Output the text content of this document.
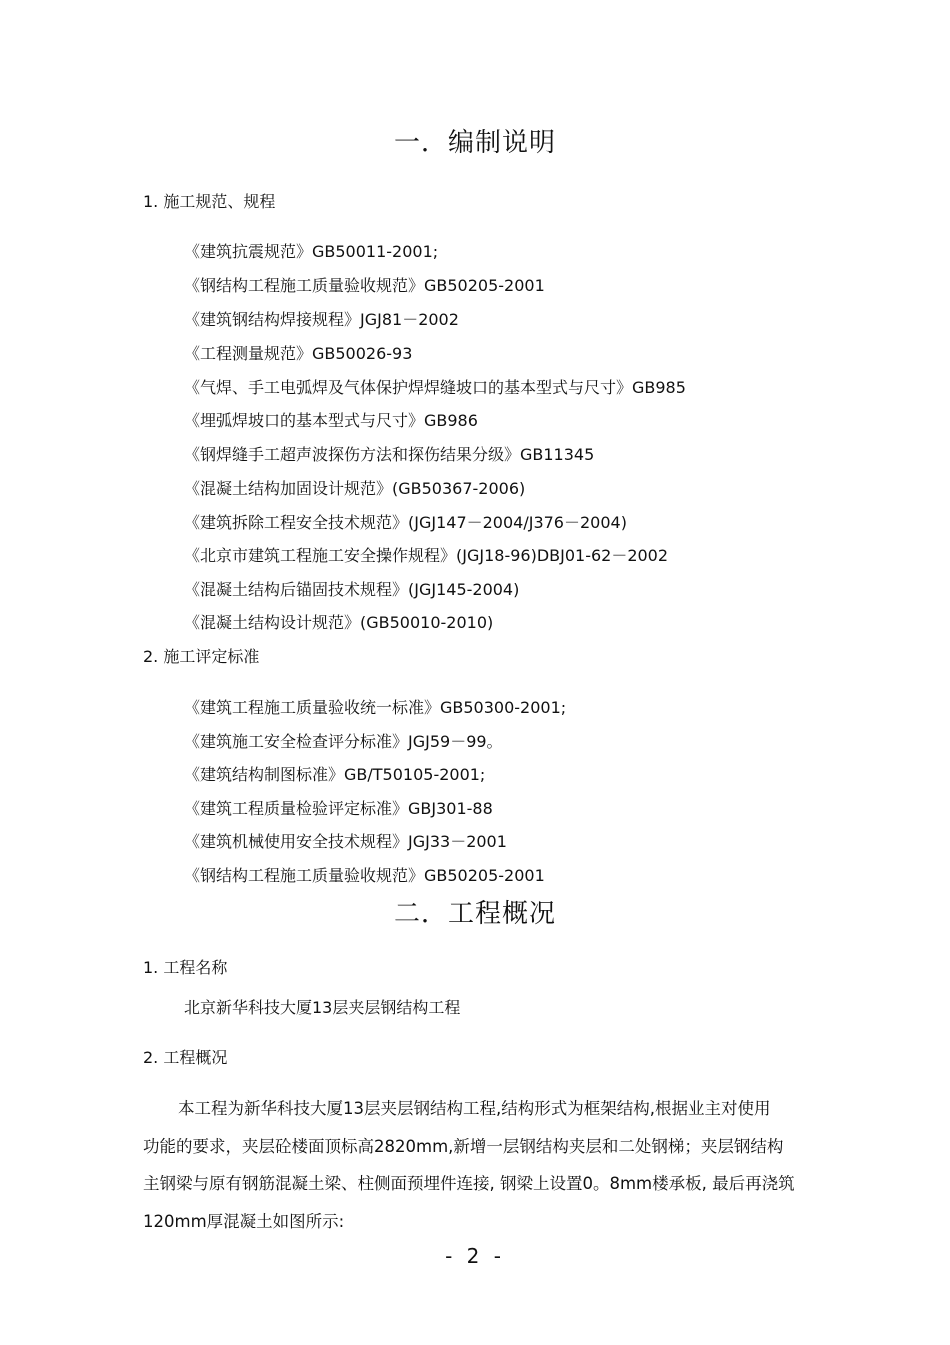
一．编制说明
1. 施工规范、规程
《建筑抗震规范》GB50011-2001;
《钢结构工程施工质量验收规范》GB50205-2001
《建筑钢结构焊接规程》JGJ81－2002
《工程测量规范》GB50026-93
《气焊、手工电弧焊及气体保护焊焊缝坡口的基本型式与尺寸》GB985
《埋弧焊坡口的基本型式与尺寸》GB986
《钢焊缝手工超声波探伤方法和探伤结果分级》GB11345
《混凝土结构加固设计规范》(GB50367-2006)
《建筑拆除工程安全技术规范》(JGJ147－2004/J376－2004)
《北京市建筑工程施工安全操作规程》(JGJ18-96)DBJ01-62－2002
《混凝土结构后锚固技术规程》(JGJ145-2004)
《混凝土结构设计规范》(GB50010-2010)
2. 施工评定标准
《建筑工程施工质量验收统一标准》GB50300-2001;
《建筑施工安全检查评分标准》JGJ59－99。
《建筑结构制图标准》GB/T50105-2001;
《建筑工程质量检验评定标准》GBJ301-88
《建筑机械使用安全技术规程》JGJ33－2001
《钢结构工程施工质量验收规范》GB50205-2001
二．工程概况
1. 工程名称
北京新华科技大厦13层夹层钢结构工程
2. 工程概况
本工程为新华科技大厦13层夹层钢结构工程,结构形式为框架结构,根据业主对使用
功能的要求，夹层砼楼面顶标高2820mm,新增一层钢结构夹层和二处钢梯；夹层钢结构
主钢梁与原有钢筋混凝土梁、柱侧面预埋件连接, 钢梁上设置0。8mm楼承板, 最后再浇筑
120mm厚混凝土如图所示:
- 2 -
